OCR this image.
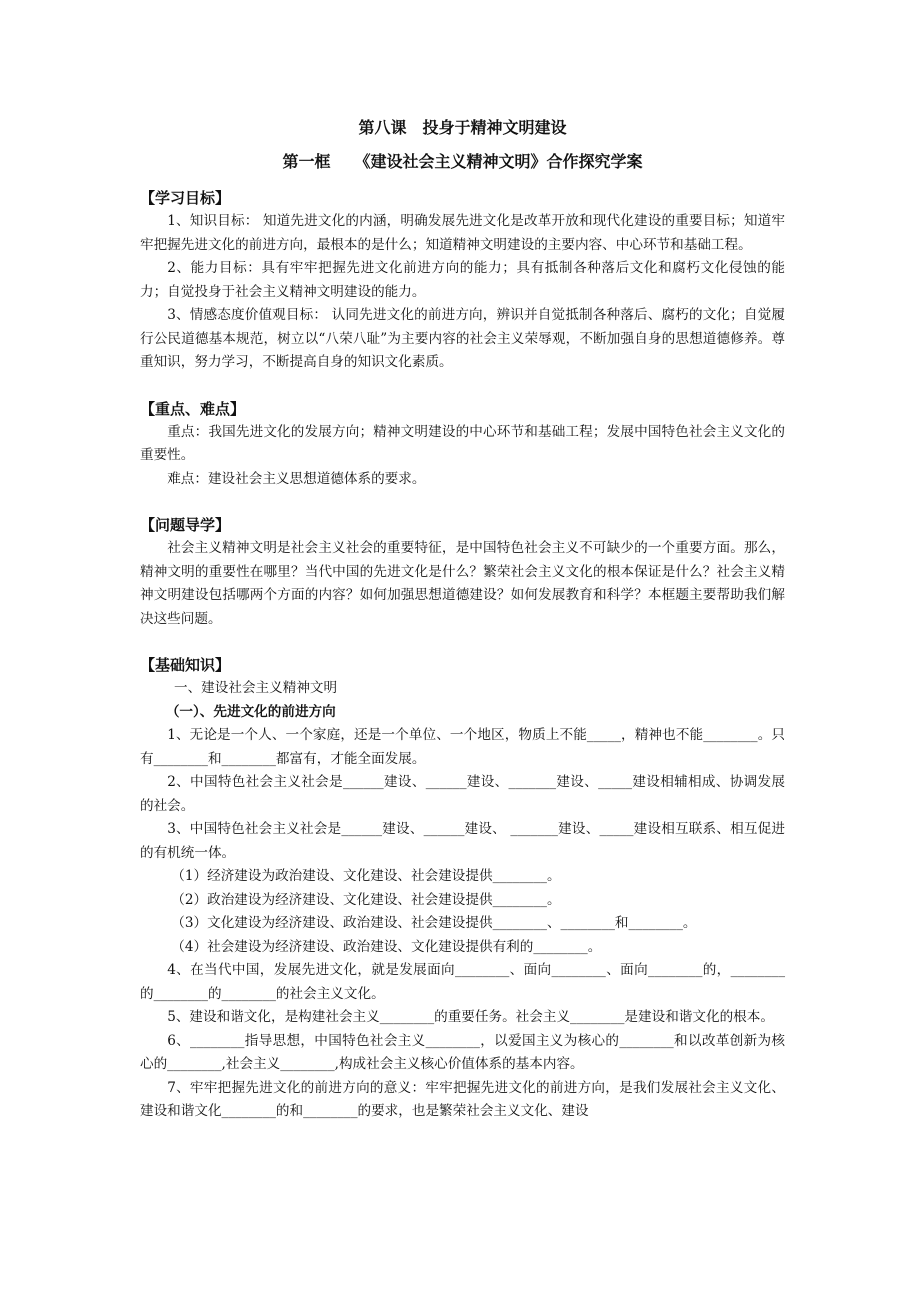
第八课　投身于精神文明建设
第一框　　《建设社会主义精神文明》合作探究学案
【学习目标】

1、知识目标： 知道先进文化的内涵，明确发展先进文化是改革开放和现代化建设的重要目标；知道牢牢把握先进文化的前进方向，最根本的是什么；知道精神文明建设的主要内容、中心环节和基础工程。

2、能力目标：具有牢牢把握先进文化前进方向的能力；具有抵制各种落后文化和腐朽文化侵蚀的能力；自觉投身于社会主义精神文明建设的能力。

3、情感态度价值观目标： 认同先进文化的前进方向，辨识并自觉抵制各种落后、腐朽的文化；自觉履行公民道德基本规范，树立以“八荣八耻”为主要内容的社会主义荣辱观，不断加强自身的思想道德修养。尊重知识，努力学习，不断提高自身的知识文化素质。

【重点、难点】

重点：我国先进文化的发展方向；精神文明建设的中心环节和基础工程；发展中国特色社会主义文化的重要性。

难点：建设社会主义思想道德体系的要求。

【问题导学】

社会主义精神文明是社会主义社会的重要特征，是中国特色社会主义不可缺少的一个重要方面。那么，精神文明的重要性在哪里？当代中国的先进文化是什么？繁荣社会主义文化的根本保证是什么？社会主义精神文明建设包括哪两个方面的内容？如何加强思想道德建设？如何发展教育和科学？本框题主要帮助我们解决这些问题。

【基础知识】

一、建设社会主义精神文明

（一）、先进文化的前进方向

1、无论是一个人、一个家庭，还是一个单位、一个地区，物质上不能_____，精神也不能________。只有________和________都富有，才能全面发展。

2、中国特色社会主义社会是______建设、______建设、_______建设、_____建设相辅相成、协调发展的社会。

3、中国特色社会主义社会是______建设、______建设、 _______建设、_____建设相互联系、相互促进的有机统一体。

（1）经济建设为政治建设、文化建设、社会建设提供________。

（2）政治建设为经济建设、文化建设、社会建设提供________。

（3）文化建设为经济建设、政治建设、社会建设提供________、________和________。

（4）社会建设为经济建设、政治建设、文化建设提供有利的________。

4、在当代中国，发展先进文化，就是发展面向________、面向________、面向________的，________的________的________的社会主义文化。

5、建设和谐文化，是构建社会主义________的重要任务。社会主义________是建设和谐文化的根本。

6、________指导思想，中国特色社会主义________，以爱国主义为核心的________和以改革创新为核心的________,社会主义________,构成社会主义核心价值体系的基本内容。

7、牢牢把握先进文化的前进方向的意义：牢牢把握先进文化的前进方向，是我们发展社会主义文化、建设和谐文化________的和________的要求，也是繁荣社会主义文化、建设
